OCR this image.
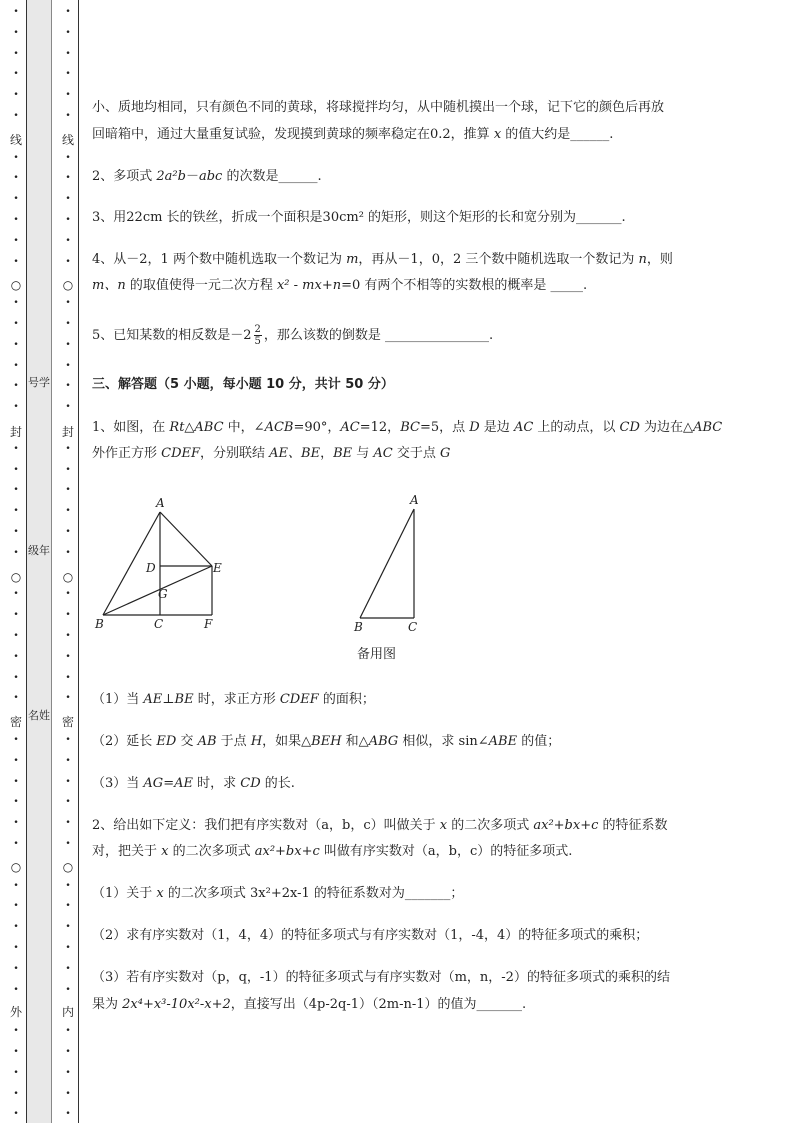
•
•
•
•
•
•
•
•
•
•
•
•
•
•
•
•
•
•
•
•
•
•
•
•
•
•
•
•
•
•
•
•
•
•
•
•
•
•
•
•
•
•
•
•
•
•
•
线
封
密
外
○
○
○
•
•
•
•
•
•
•
•
•
•
•
•
•
•
•
•
•
•
•
•
•
•
•
•
•
•
•
•
•
•
•
•
•
•
•
•
•
•
•
•
•
•
•
•
•
•
•
线
封
密
内
○
○
○
号学
级年
名姓
小、质地均相同，只有颜色不同的黄球，将球搅拌均匀，从中随机摸出一个球，记下它的颜色后再放
回暗箱中，通过大量重复试验，发现摸到黄球的频率稳定在0.2，推算 x 的值大约是______.
2、多项式 2a²b－abc 的次数是______.
3、用22cm 长的铁丝，折成一个面积是30cm² 的矩形，则这个矩形的长和宽分别为_______.
4、从－2，1 两个数中随机选取一个数记为 m，再从－1，0，2 三个数中随机选取一个数记为 n，则
m、n 的取值使得一元二次方程 x² - mx+n=0 有两个不相等的实数根的概率是 _____.
5、已知某数的相反数是$-2 \frac{2}{5}$ ，那么该数的倒数是 ________________.
三、解答题（5 小题，每小题 10 分，共计 50 分）
1、如图，在 Rt△ABC 中，∠ACB=90°，AC=12，BC=5，点 D 是边 AC 上的动点，以 CD 为边在△ABC
外作正方形 CDEF，分别联结 AE、BE，BE 与 AC 交于点 G
A
B	C
D	E
F
G
A
B	C
备用图
（1）当 AE⊥BE 时，求正方形 CDEF 的面积；
（2）延长 ED 交 AB 于点 H，如果△BEH 和△ABG 相似，求 sin∠ABE 的值；
（3）当 AG=AE 时，求 CD 的长.
2、给出如下定义：我们把有序实数对（a，b，c）叫做关于 x 的二次多项式 ax²+bx+c 的特征系数
对，把关于 x 的二次多项式 ax²+bx+c 叫做有序实数对（a，b，c）的特征多项式.
（1）关于 x 的二次多项式 3x²+2x-1 的特征系数对为_______；
（2）求有序实数对（1，4，4）的特征多项式与有序实数对（1，-4，4）的特征多项式的乘积；
（3）若有序实数对（p，q，-1）的特征多项式与有序实数对（m，n，-2）的特征多项式的乘积的结
果为 2x⁴+x³-10x²-x+2，直接写出（4p-2q-1）（2m-n-1）的值为_______.
